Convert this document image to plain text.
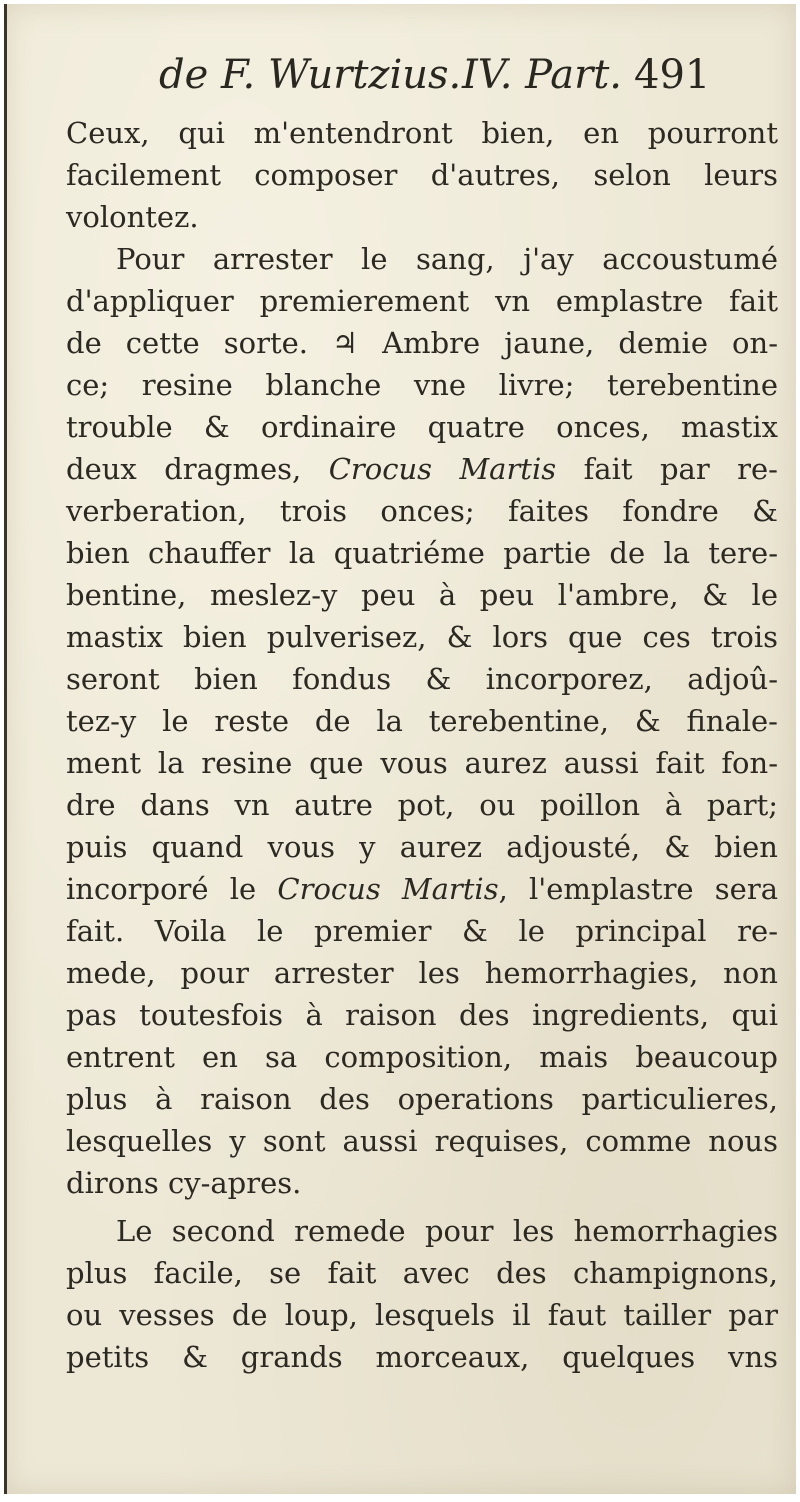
de F. Wurtzius. IV. Part. 491
Ceux, qui m'entendront bien, en pourront
facilement composer d'autres, selon leurs
volontez.
Pour arrester le sang, j'ay accoustumé
d'appliquer premierement vn emplastre fait
de cette sorte. ♃ Ambre jaune, demie on-
ce; resine blanche vne livre; terebentine
trouble & ordinaire quatre onces, mastix
deux dragmes, Crocus Martis fait par re-
verberation, trois onces; faites fondre &
bien chauffer la quatriéme partie de la tere-
bentine, meslez-y peu à peu l'ambre, & le
mastix bien pulverisez, & lors que ces trois
seront bien fondus & incorporez, adjoû-
tez-y le reste de la terebentine, & finale-
ment la resine que vous aurez aussi fait fon-
dre dans vn autre pot, ou poillon à part;
puis quand vous y aurez adjousté, & bien
incorporé le Crocus Martis, l'emplastre sera
fait. Voila le premier & le principal re-
mede, pour arrester les hemorrhagies, non
pas toutesfois à raison des ingredients, qui
entrent en sa composition, mais beaucoup
plus à raison des operations particulieres,
lesquelles y sont aussi requises, comme nous
dirons cy-apres.
Le second remede pour les hemorrhagies
plus facile, se fait avec des champignons,
ou vesses de loup, lesquels il faut tailler par
petits & grands morceaux, quelques vns
